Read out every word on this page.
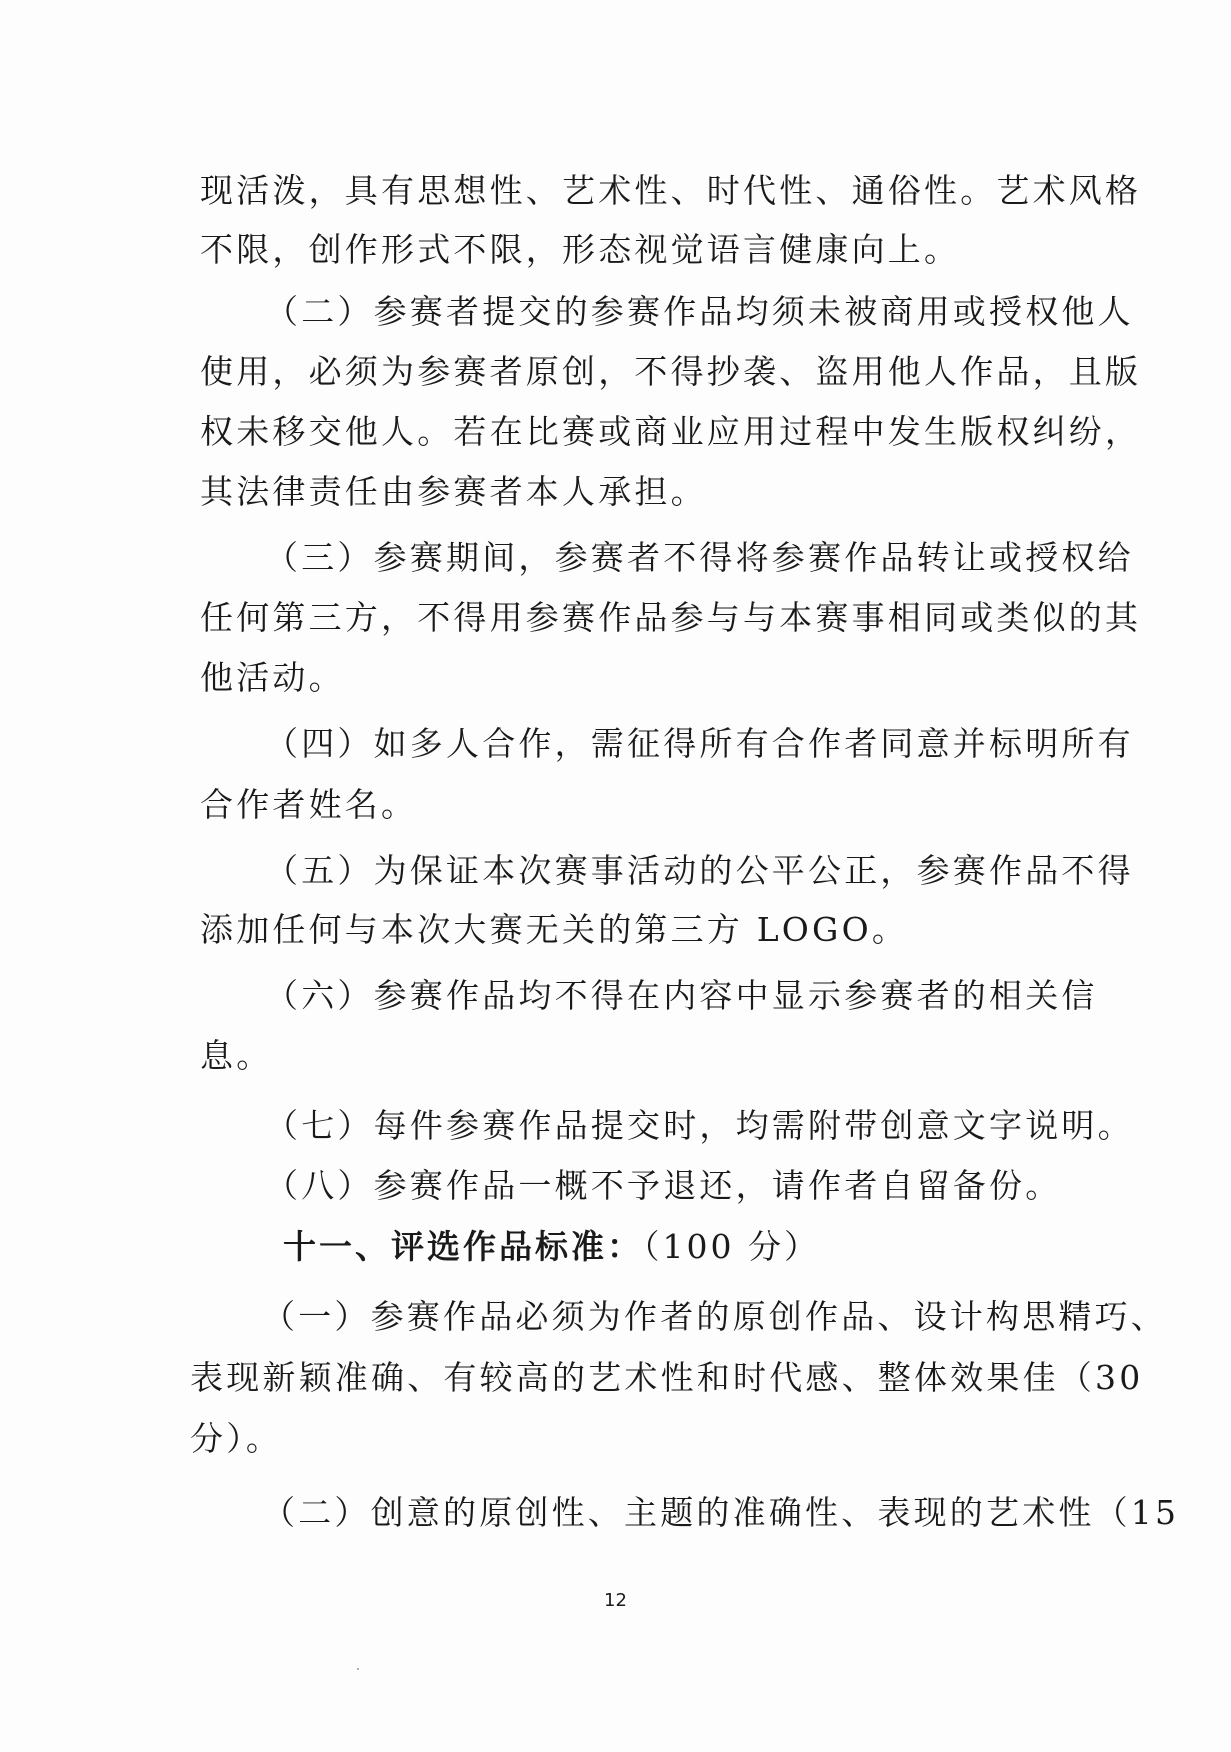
现活泼，具有思想性、艺术性、时代性、通俗性。艺术风格
不限，创作形式不限，形态视觉语言健康向上。
（二）参赛者提交的参赛作品均须未被商用或授权他人
使用，必须为参赛者原创，不得抄袭、盗用他人作品，且版
权未移交他人。若在比赛或商业应用过程中发生版权纠纷，
其法律责任由参赛者本人承担。
（三）参赛期间，参赛者不得将参赛作品转让或授权给
任何第三方，不得用参赛作品参与与本赛事相同或类似的其
他活动。
（四）如多人合作，需征得所有合作者同意并标明所有
合作者姓名。
（五）为保证本次赛事活动的公平公正，参赛作品不得
添加任何与本次大赛无关的第三方 LOGO。
（六）参赛作品均不得在内容中显示参赛者的相关信
息。
（七）每件参赛作品提交时，均需附带创意文字说明。
（八）参赛作品一概不予退还，请作者自留备份。
十一、评选作品标准：（100 分）
（一）参赛作品必须为作者的原创作品、设计构思精巧、
表现新颖准确、有较高的艺术性和时代感、整体效果佳（30
分）。
（二）创意的原创性、主题的准确性、表现的艺术性（15
12
